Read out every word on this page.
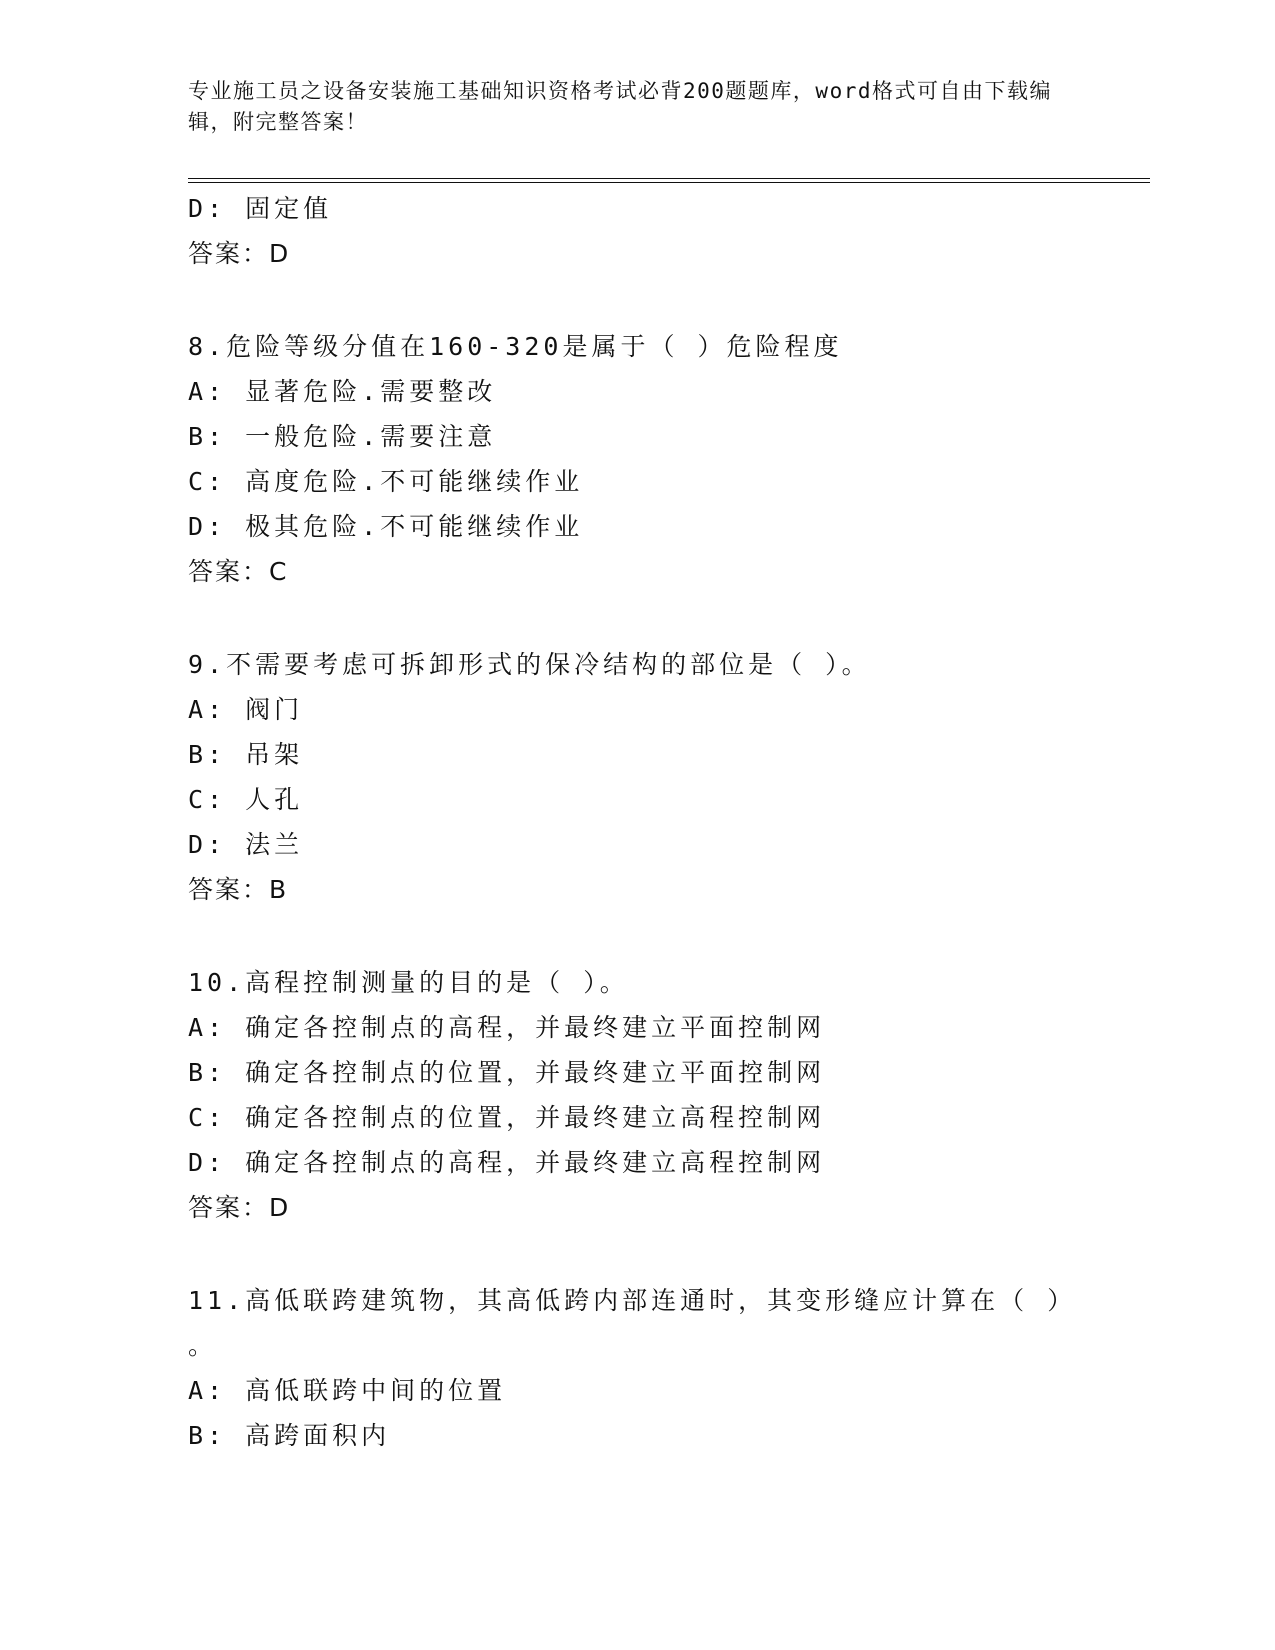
专业施工员之设备安装施工基础知识资格考试必背200题题库，word格式可自由下载编辑，附完整答案！
D: 固定值
答案：D
8.危险等级分值在160-320是属于（ ）危险程度
A: 显著危险.需要整改
B: 一般危险.需要注意
C: 高度危险.不可能继续作业
D: 极其危险.不可能继续作业
答案：C
9.不需要考虑可拆卸形式的保冷结构的部位是（ ）。
A: 阀门
B: 吊架
C: 人孔
D: 法兰
答案：B
10.高程控制测量的目的是（ ）。
A: 确定各控制点的高程，并最终建立平面控制网
B: 确定各控制点的位置，并最终建立平面控制网
C: 确定各控制点的位置，并最终建立高程控制网
D: 确定各控制点的高程，并最终建立高程控制网
答案：D
11.高低联跨建筑物，其高低跨内部连通时，其变形缝应计算在（ ）
。
A: 高低联跨中间的位置
B: 高跨面积内
